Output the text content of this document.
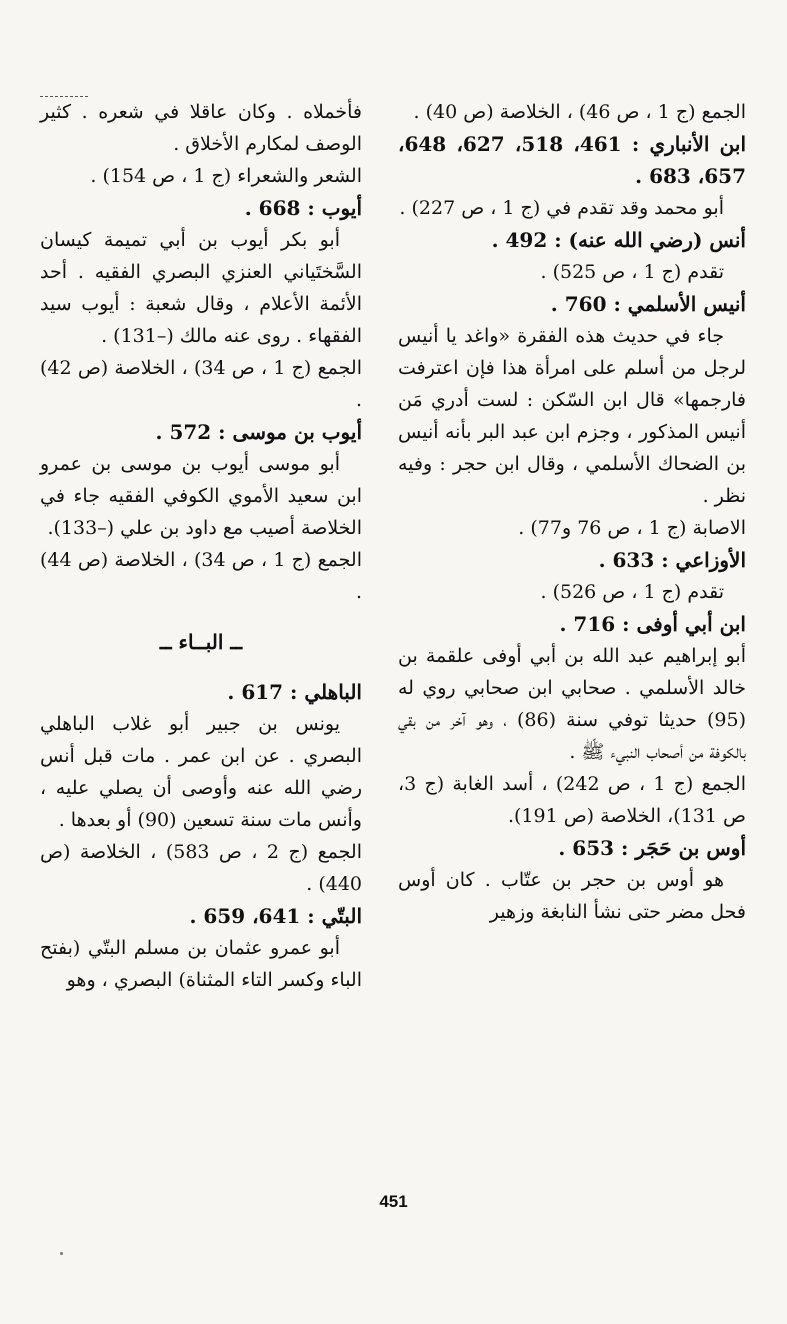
الجمع (ج 1 ، ص 46) ، الخلاصة (ص 40) .

ابن الأنباري : 461، 518، 627، 648، 657، 683 .

أبو محمد وقد تقدم في (ج 1 ، ص 227) .

أنس (رضي الله عنه) : 492 .

تقدم (ج 1 ، ص 525) .

أنيس الأسلمي : 760 .

جاء في حديث هذه الفقرة «واغد يا أنيس لرجل من أسلم على امرأة هذا فإن اعترفت فارجمها» قال ابن السّكن : لست أدري مَن أنيس المذكور ، وجزم ابن عبد البر بأنه أنيس بن الضحاك الأسلمي ، وقال ابن حجر : وفيه نظر .

الاصابة (ج 1 ، ص 76 و77) .

الأوزاعي : 633 .

تقدم (ج 1 ، ص 526) .

ابن أبي أوفى : 716 .

أبو إبراهيم عبد الله بن أبي أوفى علقمة بن خالد الأسلمي . صحابي ابن صحابي روي له (95) حديثا توفي سنة (86) ، وهو آخر من بقي بالكوفة من أصحاب النبيء ﷺ .

الجمع (ج 1 ، ص 242) ، أسد الغابة (ج 3، ص 131)، الخلاصة (ص 191).

أوس بن حَجَر : 653 .

هو أوس بن حجر بن عتّاب . كان أوس فحل مضر حتى نشأ النابغة وزهير

فأخملاه . وكان عاقلا في شعره . كثير الوصف لمكارم الأخلاق .

الشعر والشعراء (ج 1 ، ص 154) .

أيوب : 668 .

أبو بكر أيوب بن أبي تميمة كيسان السَّختَياني العنزي البصري الفقيه . أحد الأئمة الأعلام ، وقال شعبة : أيوب سيد الفقهاء . روى عنه مالك (–131) .

الجمع (ج 1 ، ص 34) ، الخلاصة (ص 42) .

أيوب بن موسى : 572 .

أبو موسى أيوب بن موسى بن عمرو ابن سعيد الأموي الكوفي الفقيه جاء في الخلاصة أصيب مع داود بن علي (–133).

الجمع (ج 1 ، ص 34) ، الخلاصة (ص 44) .

ــ البــاء ــ

الباهلي : 617 .

يونس بن جبير أبو غلاب الباهلي البصري . عن ابن عمر . مات قبل أنس رضي الله عنه وأوصى أن يصلي عليه ، وأنس مات سنة تسعين (90) أو بعدها .

الجمع (ج 2 ، ص 583) ، الخلاصة (ص 440) .

البتّي : 641، 659 .

أبو عمرو عثمان بن مسلم البتّي (بفتح الباء وكسر التاء المثناة) البصري ، وهو

451
